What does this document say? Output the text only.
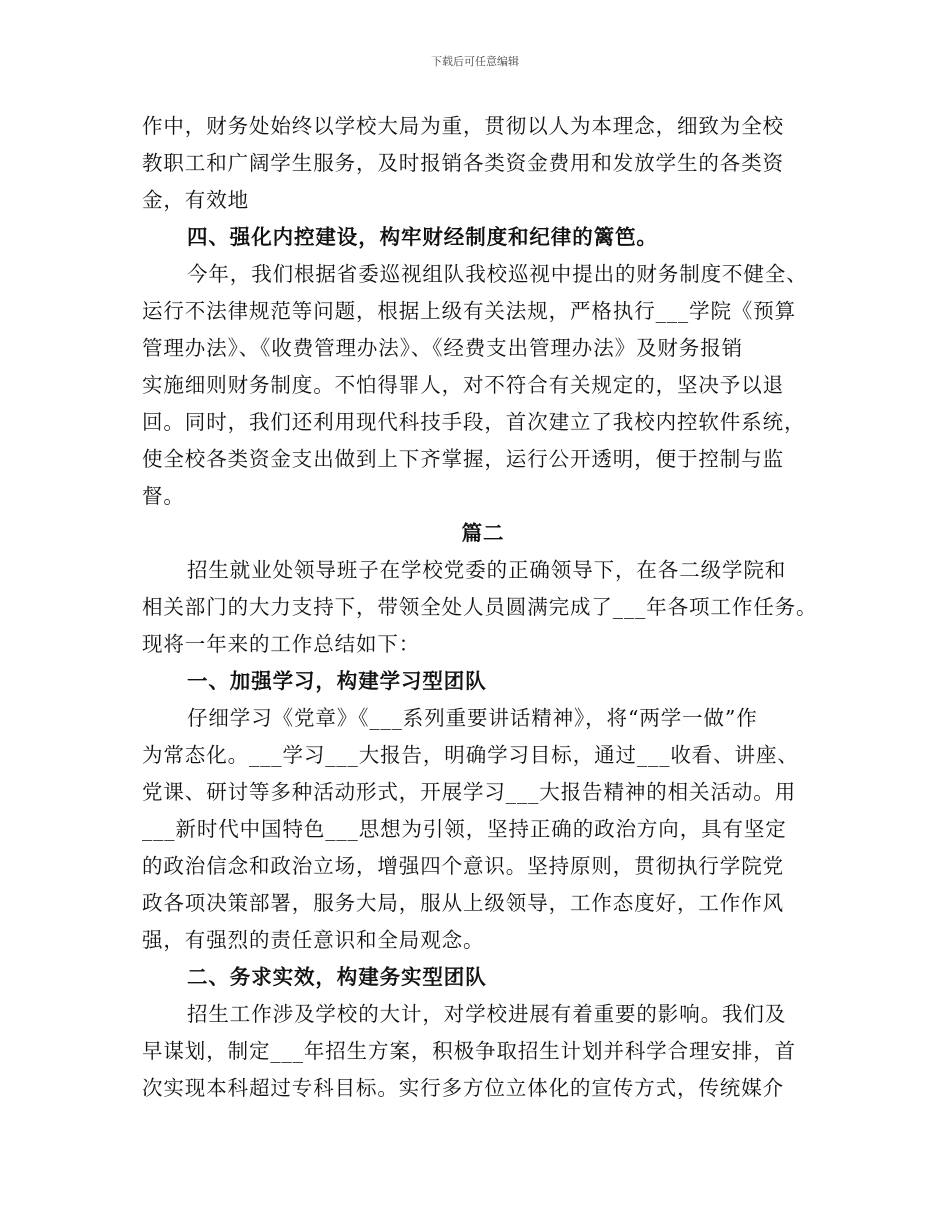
下载后可任意编辑
作中，财务处始终以学校大局为重，贯彻以人为本理念，细致为全校
教职工和广阔学生服务，及时报销各类资金费用和发放学生的各类资
金，有效地
四、强化内控建设，构牢财经制度和纪律的篱笆。
今年，我们根据省委巡视组队我校巡视中提出的财务制度不健全、
运行不法律规范等问题，根据上级有关法规，严格执行___学院《预算
管理办法》、《收费管理办法》、《经费支出管理办法》及财务报销
实施细则财务制度。不怕得罪人，对不符合有关规定的，坚决予以退
回。同时，我们还利用现代科技手段，首次建立了我校内控软件系统，
使全校各类资金支出做到上下齐掌握，运行公开透明，便于控制与监
督。
篇二
招生就业处领导班子在学校党委的正确领导下，在各二级学院和
相关部门的大力支持下，带领全处人员圆满完成了___年各项工作任务。
现将一年来的工作总结如下：
一、加强学习，构建学习型团队
仔细学习《党章》《___系列重要讲话精神》，将“两学一做”作
为常态化。___学习___大报告，明确学习目标，通过___收看、讲座、
党课、研讨等多种活动形式，开展学习___大报告精神的相关活动。用
___新时代中国特色___思想为引领，坚持正确的政治方向，具有坚定
的政治信念和政治立场，增强四个意识。坚持原则，贯彻执行学院党
政各项决策部署，服务大局，服从上级领导，工作态度好，工作作风
强，有强烈的责任意识和全局观念。
二、务求实效，构建务实型团队
招生工作涉及学校的大计，对学校进展有着重要的影响。我们及
早谋划，制定___年招生方案，积极争取招生计划并科学合理安排，首
次实现本科超过专科目标。实行多方位立体化的宣传方式，传统媒介
